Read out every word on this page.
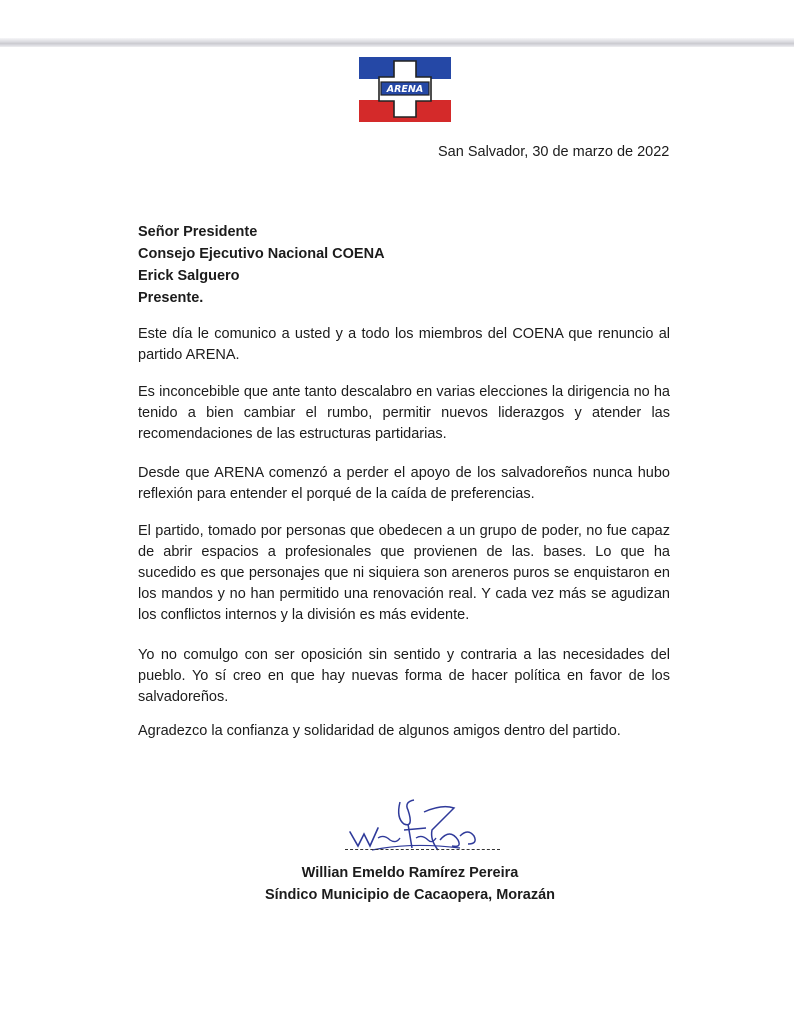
ARENA
San Salvador, 30 de marzo de 2022
Señor Presidente
Consejo Ejecutivo Nacional COENA
Erick Salguero
Presente.

Este día le comunico a usted y a todo los miembros del COENA que renuncio al partido ARENA.

Es inconcebible que ante tanto descalabro en varias elecciones la dirigencia no ha tenido a bien cambiar el rumbo, permitir nuevos liderazgos y atender las recomendaciones de las estructuras partidarias.

Desde que ARENA comenzó a perder el apoyo de los salvadoreños nunca hubo reflexión para entender el porqué de la caída de preferencias.

El partido, tomado por personas que obedecen a un grupo de poder, no fue capaz de abrir espacios a profesionales que provienen de las. bases. Lo que ha sucedido es que personajes que ni siquiera son areneros puros se enquistaron en los mandos y no han permitido una renovación real. Y cada vez más se agudizan los conflictos internos y la división es más evidente.

Yo no comulgo con ser oposición sin sentido y contraria a las necesidades del pueblo. Yo sí creo en que hay nuevas forma de hacer política en favor de los salvadoreños.

Agradezco la confianza y solidaridad de algunos amigos dentro del partido.

Willian Emeldo Ramírez Pereira
Síndico Municipio de Cacaopera, Morazán
